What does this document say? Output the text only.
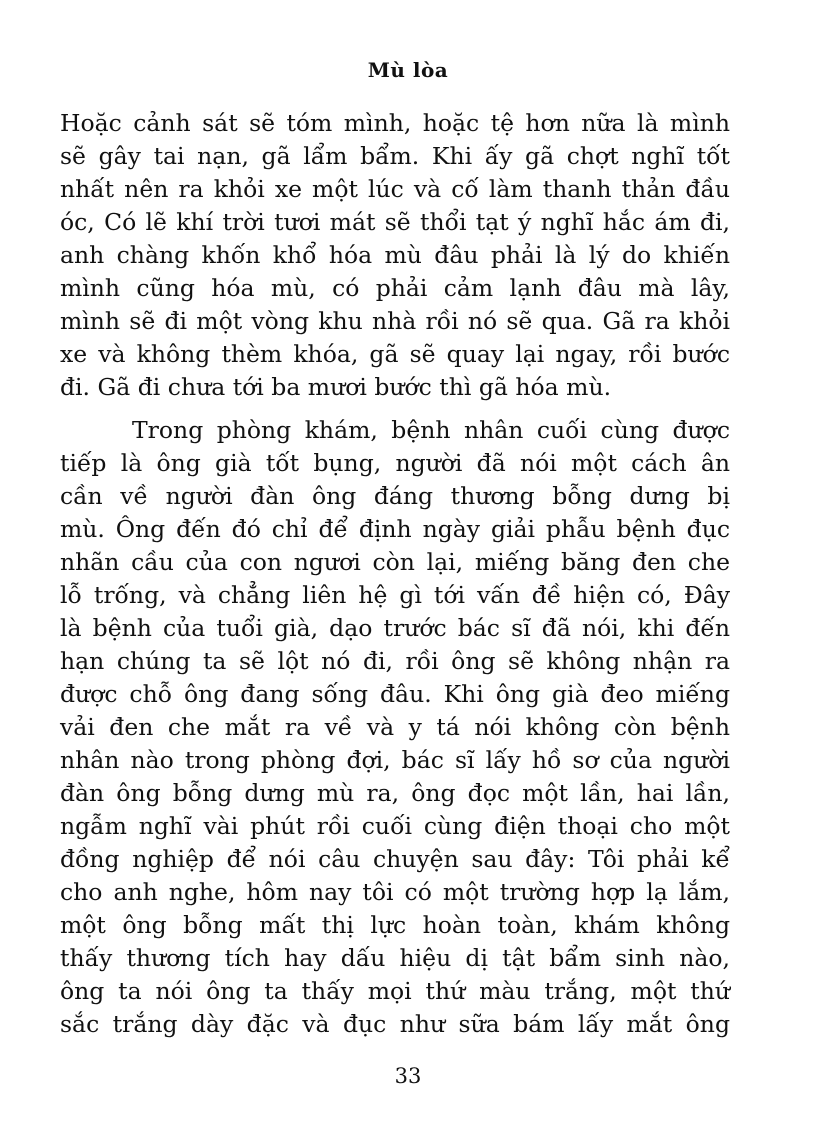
Mù lòa
Hoặc cảnh sát sẽ tóm mình, hoặc tệ hơn nữa là mình
sẽ gây tai nạn, gã lẩm bẩm. Khi ấy gã chợt nghĩ tốt
nhất nên ra khỏi xe một lúc và cố làm thanh thản đầu
óc, Có lẽ khí trời tươi mát sẽ thổi tạt ý nghĩ hắc ám đi,
anh chàng khốn khổ hóa mù đâu phải là lý do khiến
mình cũng hóa mù, có phải cảm lạnh đâu mà lây,
mình sẽ đi một vòng khu nhà rồi nó sẽ qua. Gã ra khỏi
xe và không thèm khóa, gã sẽ quay lại ngay, rồi bước
đi. Gã đi chưa tới ba mươi bước thì gã hóa mù.
Trong phòng khám, bệnh nhân cuối cùng được
tiếp là ông già tốt bụng, người đã nói một cách ân
cần về người đàn ông đáng thương bỗng dưng bị
mù. Ông đến đó chỉ để định ngày giải phẫu bệnh đục
nhãn cầu của con ngươi còn lại, miếng băng đen che
lỗ trống, và chẳng liên hệ gì tới vấn đề hiện có, Đây
là bệnh của tuổi già, dạo trước bác sĩ đã nói, khi đến
hạn chúng ta sẽ lột nó đi, rồi ông sẽ không nhận ra
được chỗ ông đang sống đâu. Khi ông già đeo miếng
vải đen che mắt ra về và y tá nói không còn bệnh
nhân nào trong phòng đợi, bác sĩ lấy hồ sơ của người
đàn ông bỗng dưng mù ra, ông đọc một lần, hai lần,
ngẫm nghĩ vài phút rồi cuối cùng điện thoại cho một
đồng nghiệp để nói câu chuyện sau đây: Tôi phải kể
cho anh nghe, hôm nay tôi có một trường hợp lạ lắm,
một ông bỗng mất thị lực hoàn toàn, khám không
thấy thương tích hay dấu hiệu dị tật bẩm sinh nào,
ông ta nói ông ta thấy mọi thứ màu trắng, một thứ
sắc trắng dày đặc và đục như sữa bám lấy mắt ông
33
